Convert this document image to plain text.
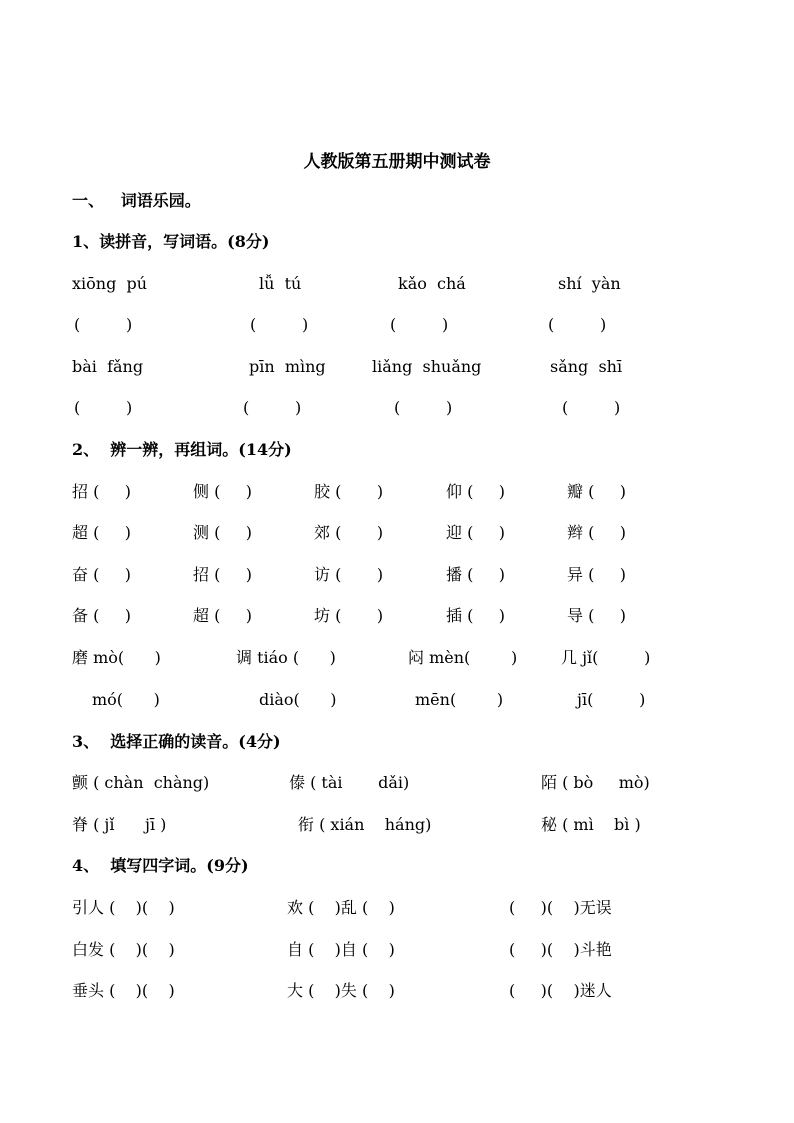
人教版第五册期中测试卷
一、   词语乐园。
1、读拼音，写词语。(8分)
xiōng  pú	lǚ  tú	kǎo  chá	shí  yàn
(         )	(         )	(         )	(         )
bài  fǎng	pīn  mìng	liǎng  shuǎng	sǎng  shī
(         )	(         )	(         )	(         )
2、  辨一辨，再组词。(14分)
招 (     )	侧 (     )	胶 (       )	仰 (     )	瓣 (     )
超 (     )	测 (     )	郊 (       )	迎 (     )	辫 (     )
奋 (     )	招 (     )	访 (       )	播 (     )	异 (     )
备 (     )	超 (     )	坊 (       )	插 (     )	导 (     )
磨 mò(      )	调 tiáo (      )	闷 mèn(        )	几 jǐ(         )
mó(      )	diào(      )	mēn(        )	jī(         )
3、  选择正确的读音。(4分)
颤 ( chàn  chàng)	傣 ( tài       dǎi)	陌 ( bò     mò)
脊 ( jǐ      jī )	衔 ( xián    háng)	秘 ( mì    bì )
4、  填写四字词。(9分)
引人 (    )(    )	欢 (    )乱 (    )	(     )(    )无误
白发 (    )(    )	自 (    )自 (    )	(     )(    )斗艳
垂头 (    )(    )	大 (    )失 (    )	(     )(    )迷人
